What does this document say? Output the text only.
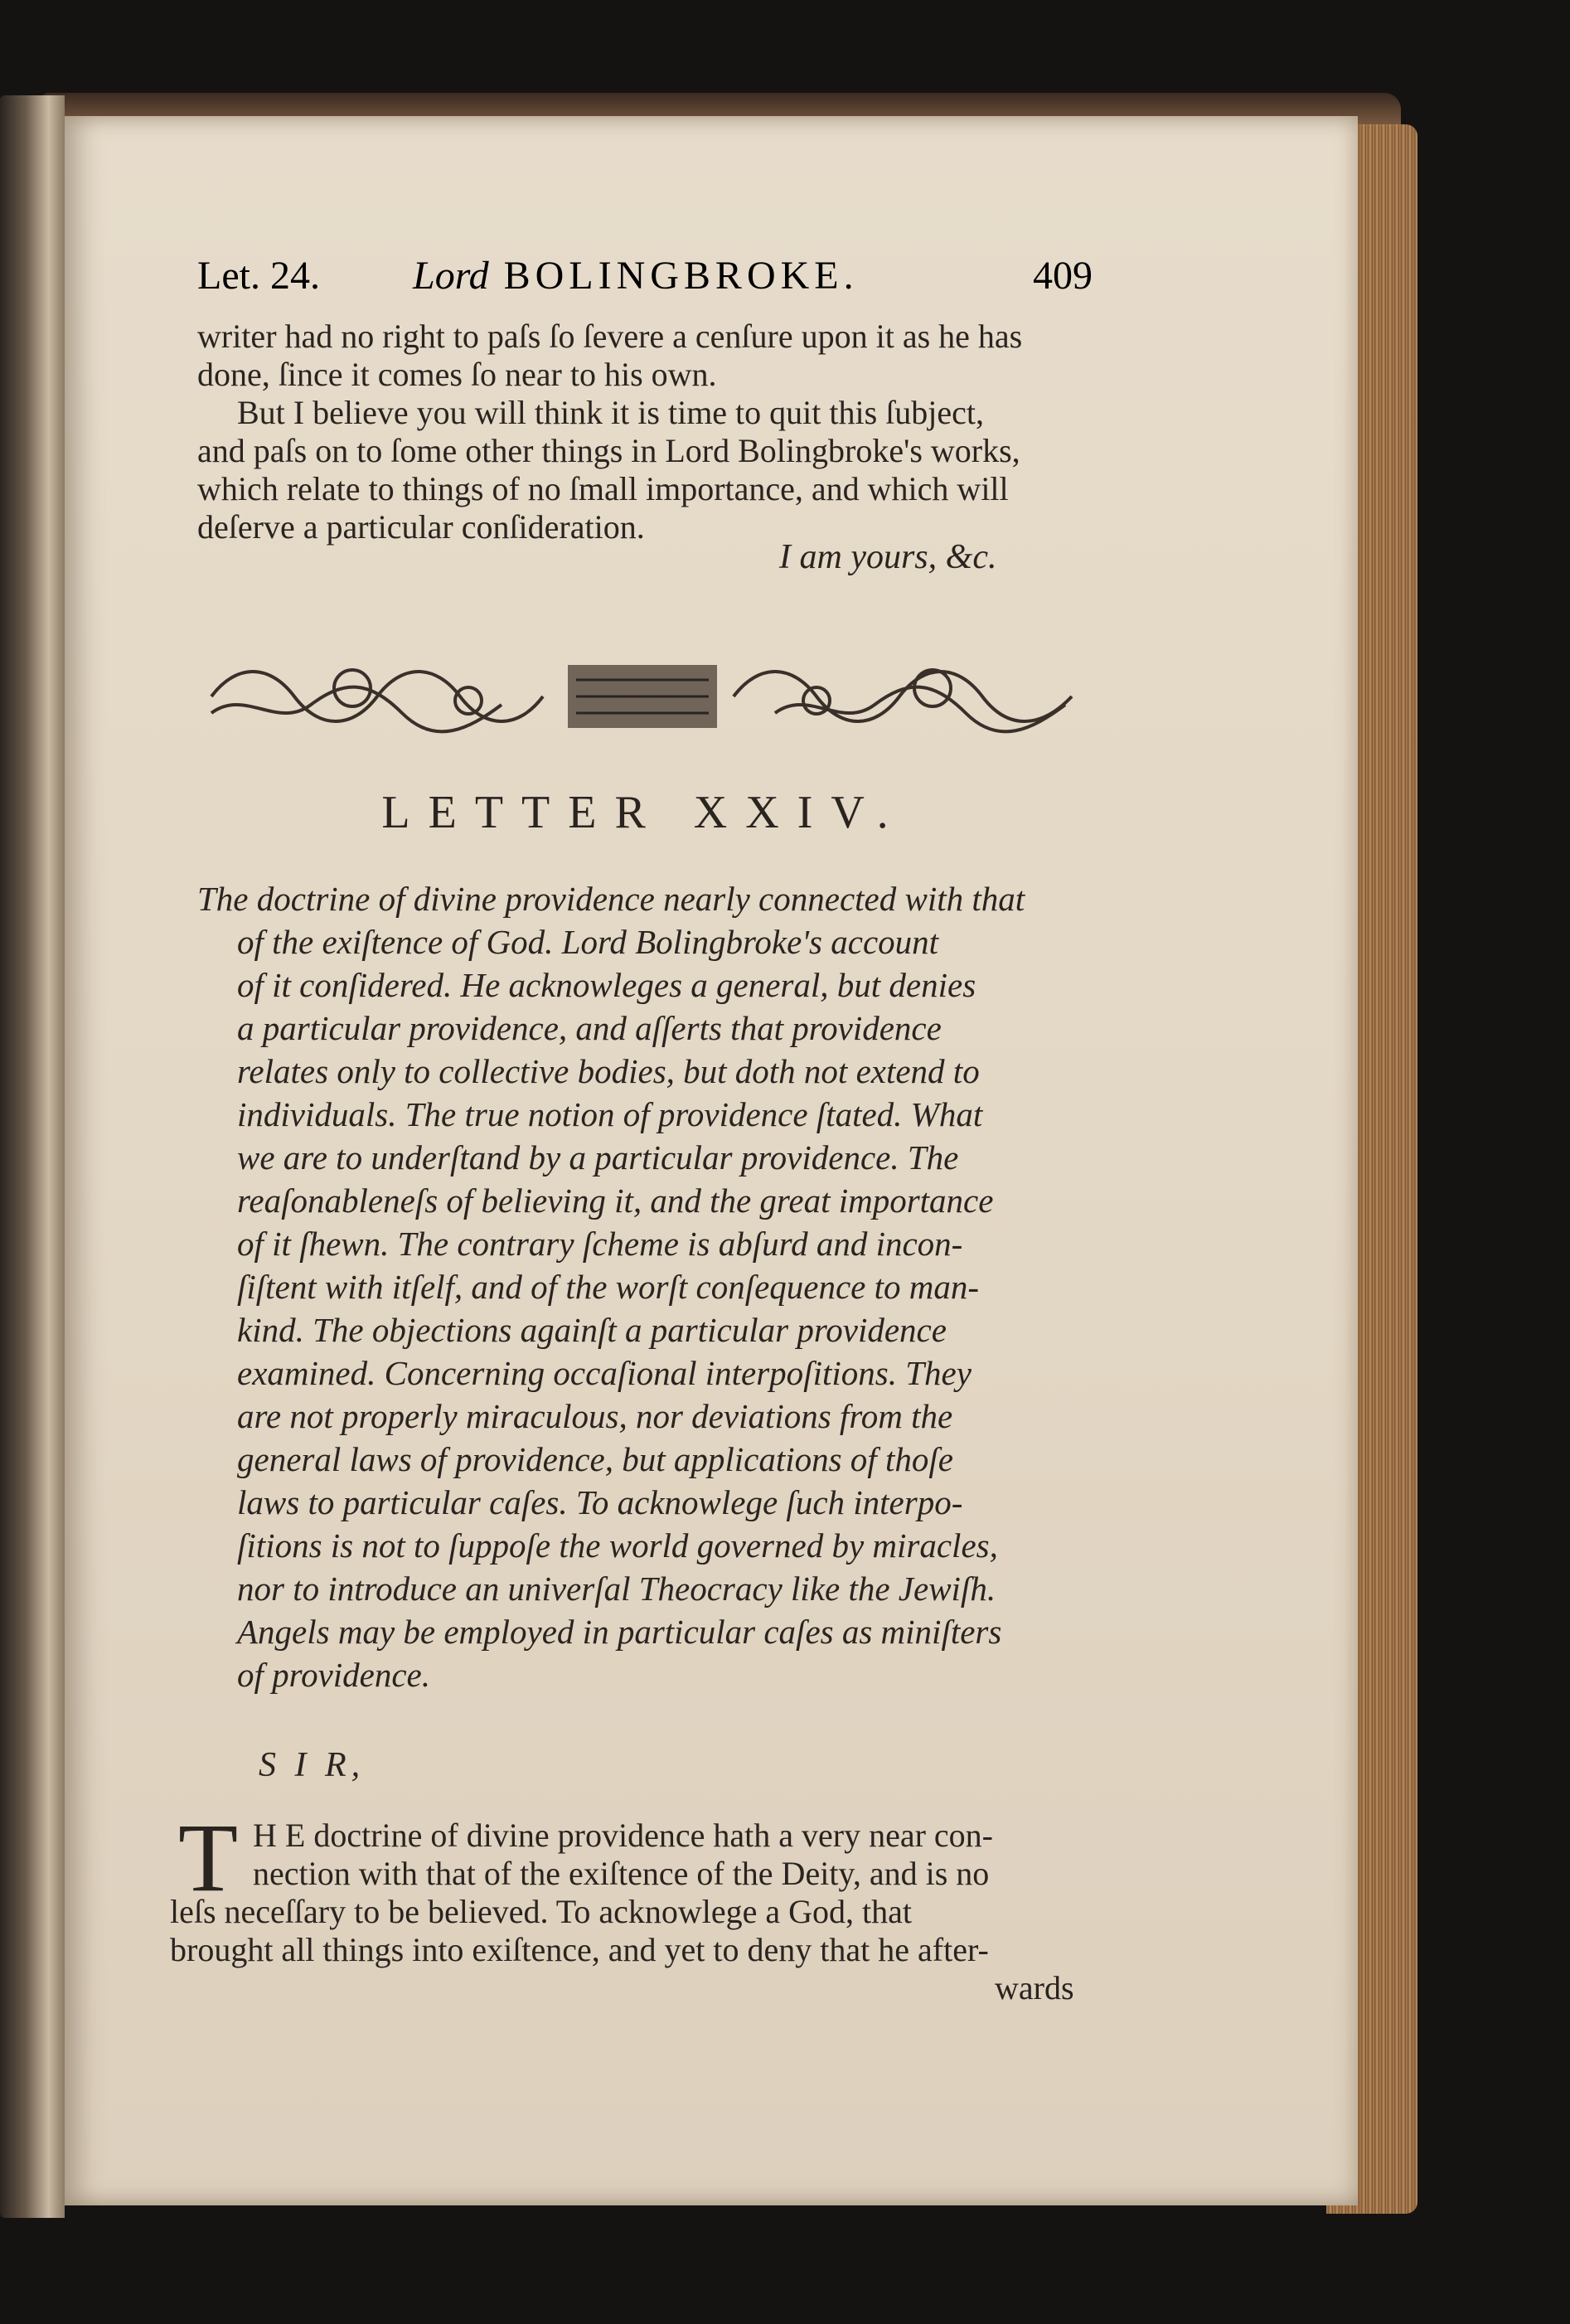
Let. 24. Lord BOLINGBROKE.	409
writer had no right to paſs ſo ſevere a cenſure upon it as he has
done, ſince it comes ſo near to his own.
But I believe you will think it is time to quit this ſubject,
and paſs on to ſome other things in Lord Bolingbroke's works,
which relate to things of no ſmall importance, and which will
deſerve a particular conſideration.
I am yours, &c.
LETTER XXIV.
The doctrine of divine providence nearly connected with that
of the exiſtence of God. Lord Bolingbroke's account
of it conſidered. He acknowleges a general, but denies
a particular providence, and aſſerts that providence
relates only to collective bodies, but doth not extend to
individuals. The true notion of providence ſtated. What
we are to underſtand by a particular providence. The
reaſonableneſs of believing it, and the great importance
of it ſhewn. The contrary ſcheme is abſurd and incon-
ſiſtent with itſelf, and of the worſt conſequence to man-
kind. The objections againſt a particular providence
examined. Concerning occaſional interpoſitions. They
are not properly miraculous, nor deviations from the
general laws of providence, but applications of thoſe
laws to particular caſes. To acknowlege ſuch interpo-
ſitions is not to ſuppoſe the world governed by miracles,
nor to introduce an univerſal Theocracy like the Jewiſh.
Angels may be employed in particular caſes as miniſters
of providence.
S I R,
T H E doctrine of divine providence hath a very near con-
nection with that of the exiſtence of the Deity, and is no
leſs neceſſary to be believed. To acknowlege a God, that
brought all things into exiſtence, and yet to deny that he after-
wards
